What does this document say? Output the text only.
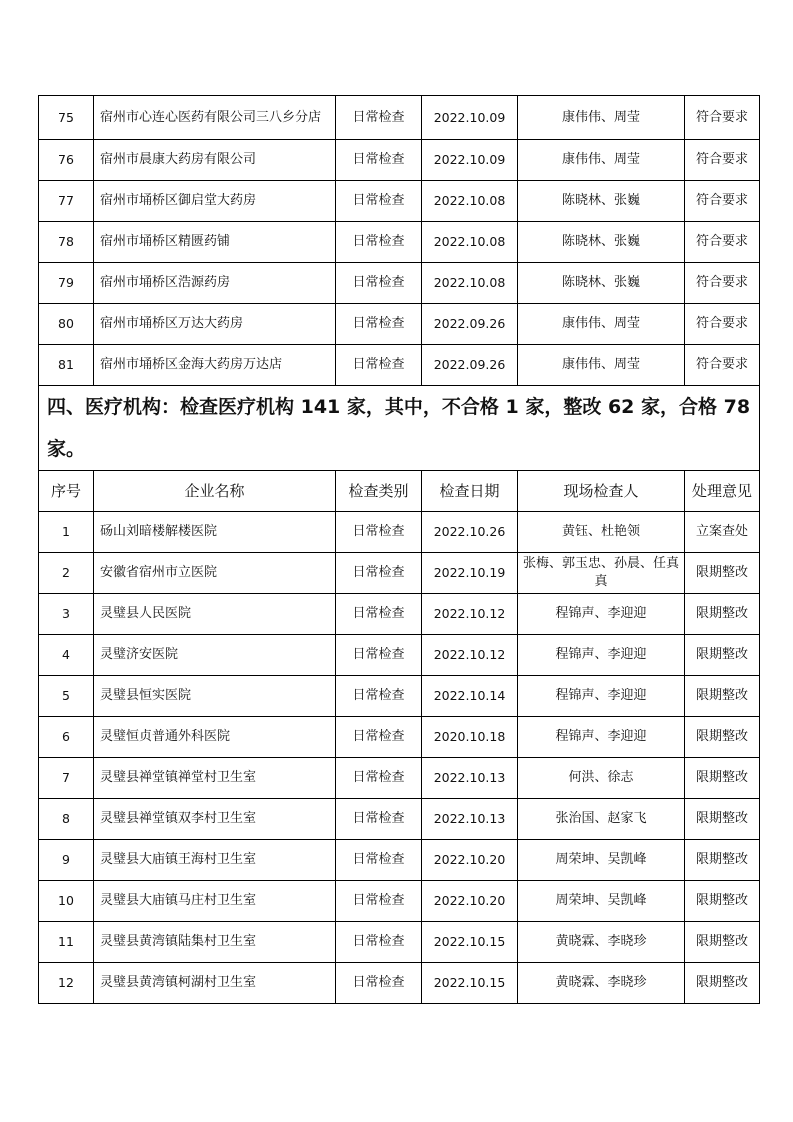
75	宿州市心连心医药有限公司三八乡分店	日常检查	2022.10.09	康伟伟、周莹	符合要求
76	宿州市晨康大药房有限公司	日常检查	2022.10.09	康伟伟、周莹	符合要求
77	宿州市埇桥区御启堂大药房	日常检查	2022.10.08	陈晓林、张巍	符合要求
78	宿州市埇桥区精匮药铺	日常检查	2022.10.08	陈晓林、张巍	符合要求
79	宿州市埇桥区浩源药房	日常检查	2022.10.08	陈晓林、张巍	符合要求
80	宿州市埇桥区万达大药房	日常检查	2022.09.26	康伟伟、周莹	符合要求
81	宿州市埇桥区金海大药房万达店	日常检查	2022.09.26	康伟伟、周莹	符合要求
四、医疗机构：检查医疗机构 141 家，其中，不合格 1 家，整改 62 家，合格 78 家。					
序号	企业名称	检查类别	检查日期	现场检查人	处理意见
1	砀山刘暗楼解楼医院	日常检查	2022.10.26	黄钰、杜艳领	立案查处
2	安徽省宿州市立医院	日常检查	2022.10.19	张梅、郭玉忠、孙晨、任真真	限期整改
3	灵璧县人民医院	日常检查	2022.10.12	程锦声、李迎迎	限期整改
4	灵璧济安医院	日常检查	2022.10.12	程锦声、李迎迎	限期整改
5	灵璧县恒实医院	日常检查	2022.10.14	程锦声、李迎迎	限期整改
6	灵璧恒贞普通外科医院	日常检查	2020.10.18	程锦声、李迎迎	限期整改
7	灵璧县禅堂镇禅堂村卫生室	日常检查	2022.10.13	何洪、徐志	限期整改
8	灵璧县禅堂镇双李村卫生室	日常检查	2022.10.13	张治国、赵家飞	限期整改
9	灵璧县大庙镇王海村卫生室	日常检查	2022.10.20	周荣坤、吴凯峰	限期整改
10	灵璧县大庙镇马庄村卫生室	日常检查	2022.10.20	周荣坤、吴凯峰	限期整改
11	灵璧县黄湾镇陆集村卫生室	日常检查	2022.10.15	黄晓霖、李晓珍	限期整改
12	灵璧县黄湾镇柯湖村卫生室	日常检查	2022.10.15	黄晓霖、李晓珍	限期整改
